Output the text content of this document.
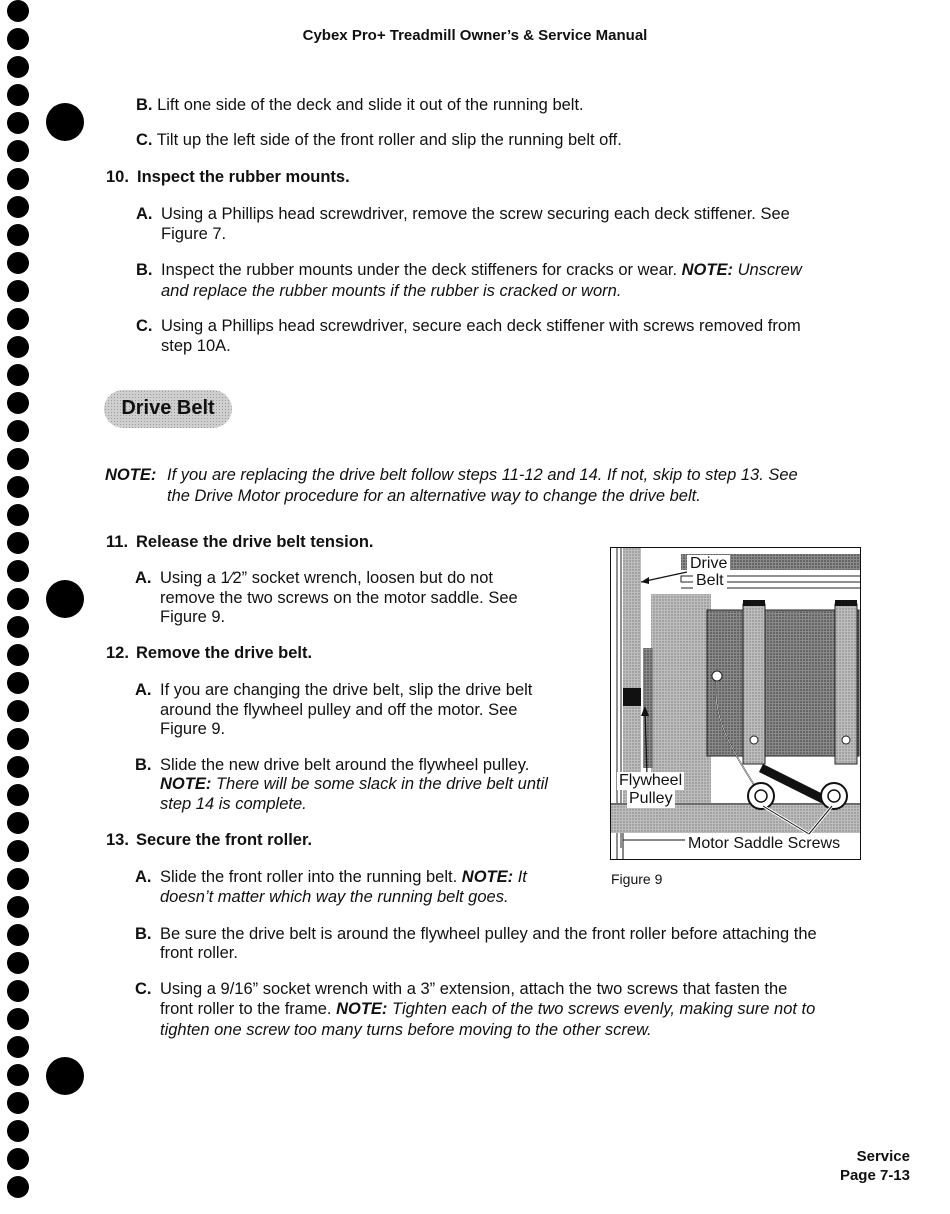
Cybex Pro+ Treadmill Owner’s & Service Manual
B. Lift one side of the deck and slide it out of the running belt.
C. Tilt up the left side of the front roller and slip the running belt off.
10. Inspect the rubber mounts.
A. Using a Phillips head screwdriver, remove the screw securing each deck stiffener. See
Figure 7.
B. Inspect the rubber mounts under the deck stiffeners for cracks or wear. NOTE: Unscrew
and replace the rubber mounts if the rubber is cracked or worn.
C. Using a Phillips head screwdriver, secure each deck stiffener with screws removed from
step 10A.
Drive Belt
NOTE: If you are replacing the drive belt follow steps 11-12 and 14. If not, skip to step 13. See
the Drive Motor procedure for an alternative way to change the drive belt.
11. Release the drive belt tension.
A. Using a 1⁄2” socket wrench, loosen but do not
remove the two screws on the motor saddle. See
Figure 9.
12. Remove the drive belt.
A. If you are changing the drive belt, slip the drive belt
around the flywheel pulley and off the motor. See
Figure 9.
B. Slide the new drive belt around the flywheel pulley.
NOTE: There will be some slack in the drive belt until
step 14 is complete.
13. Secure the front roller.
A. Slide the front roller into the running belt. NOTE: It
doesn’t matter which way the running belt goes.
B. Be sure the drive belt is around the flywheel pulley and the front roller before attaching the
front roller.
C. Using a 9/16” socket wrench with a 3” extension, attach the two screws that fasten the
front roller to the frame. NOTE: Tighten each of the two screws evenly, making sure not to
tighten one screw too many turns before moving to the other screw.
Drive
Belt
Flywheel
Pulley
Motor Saddle Screws
Figure 9
Service
Page 7-13
